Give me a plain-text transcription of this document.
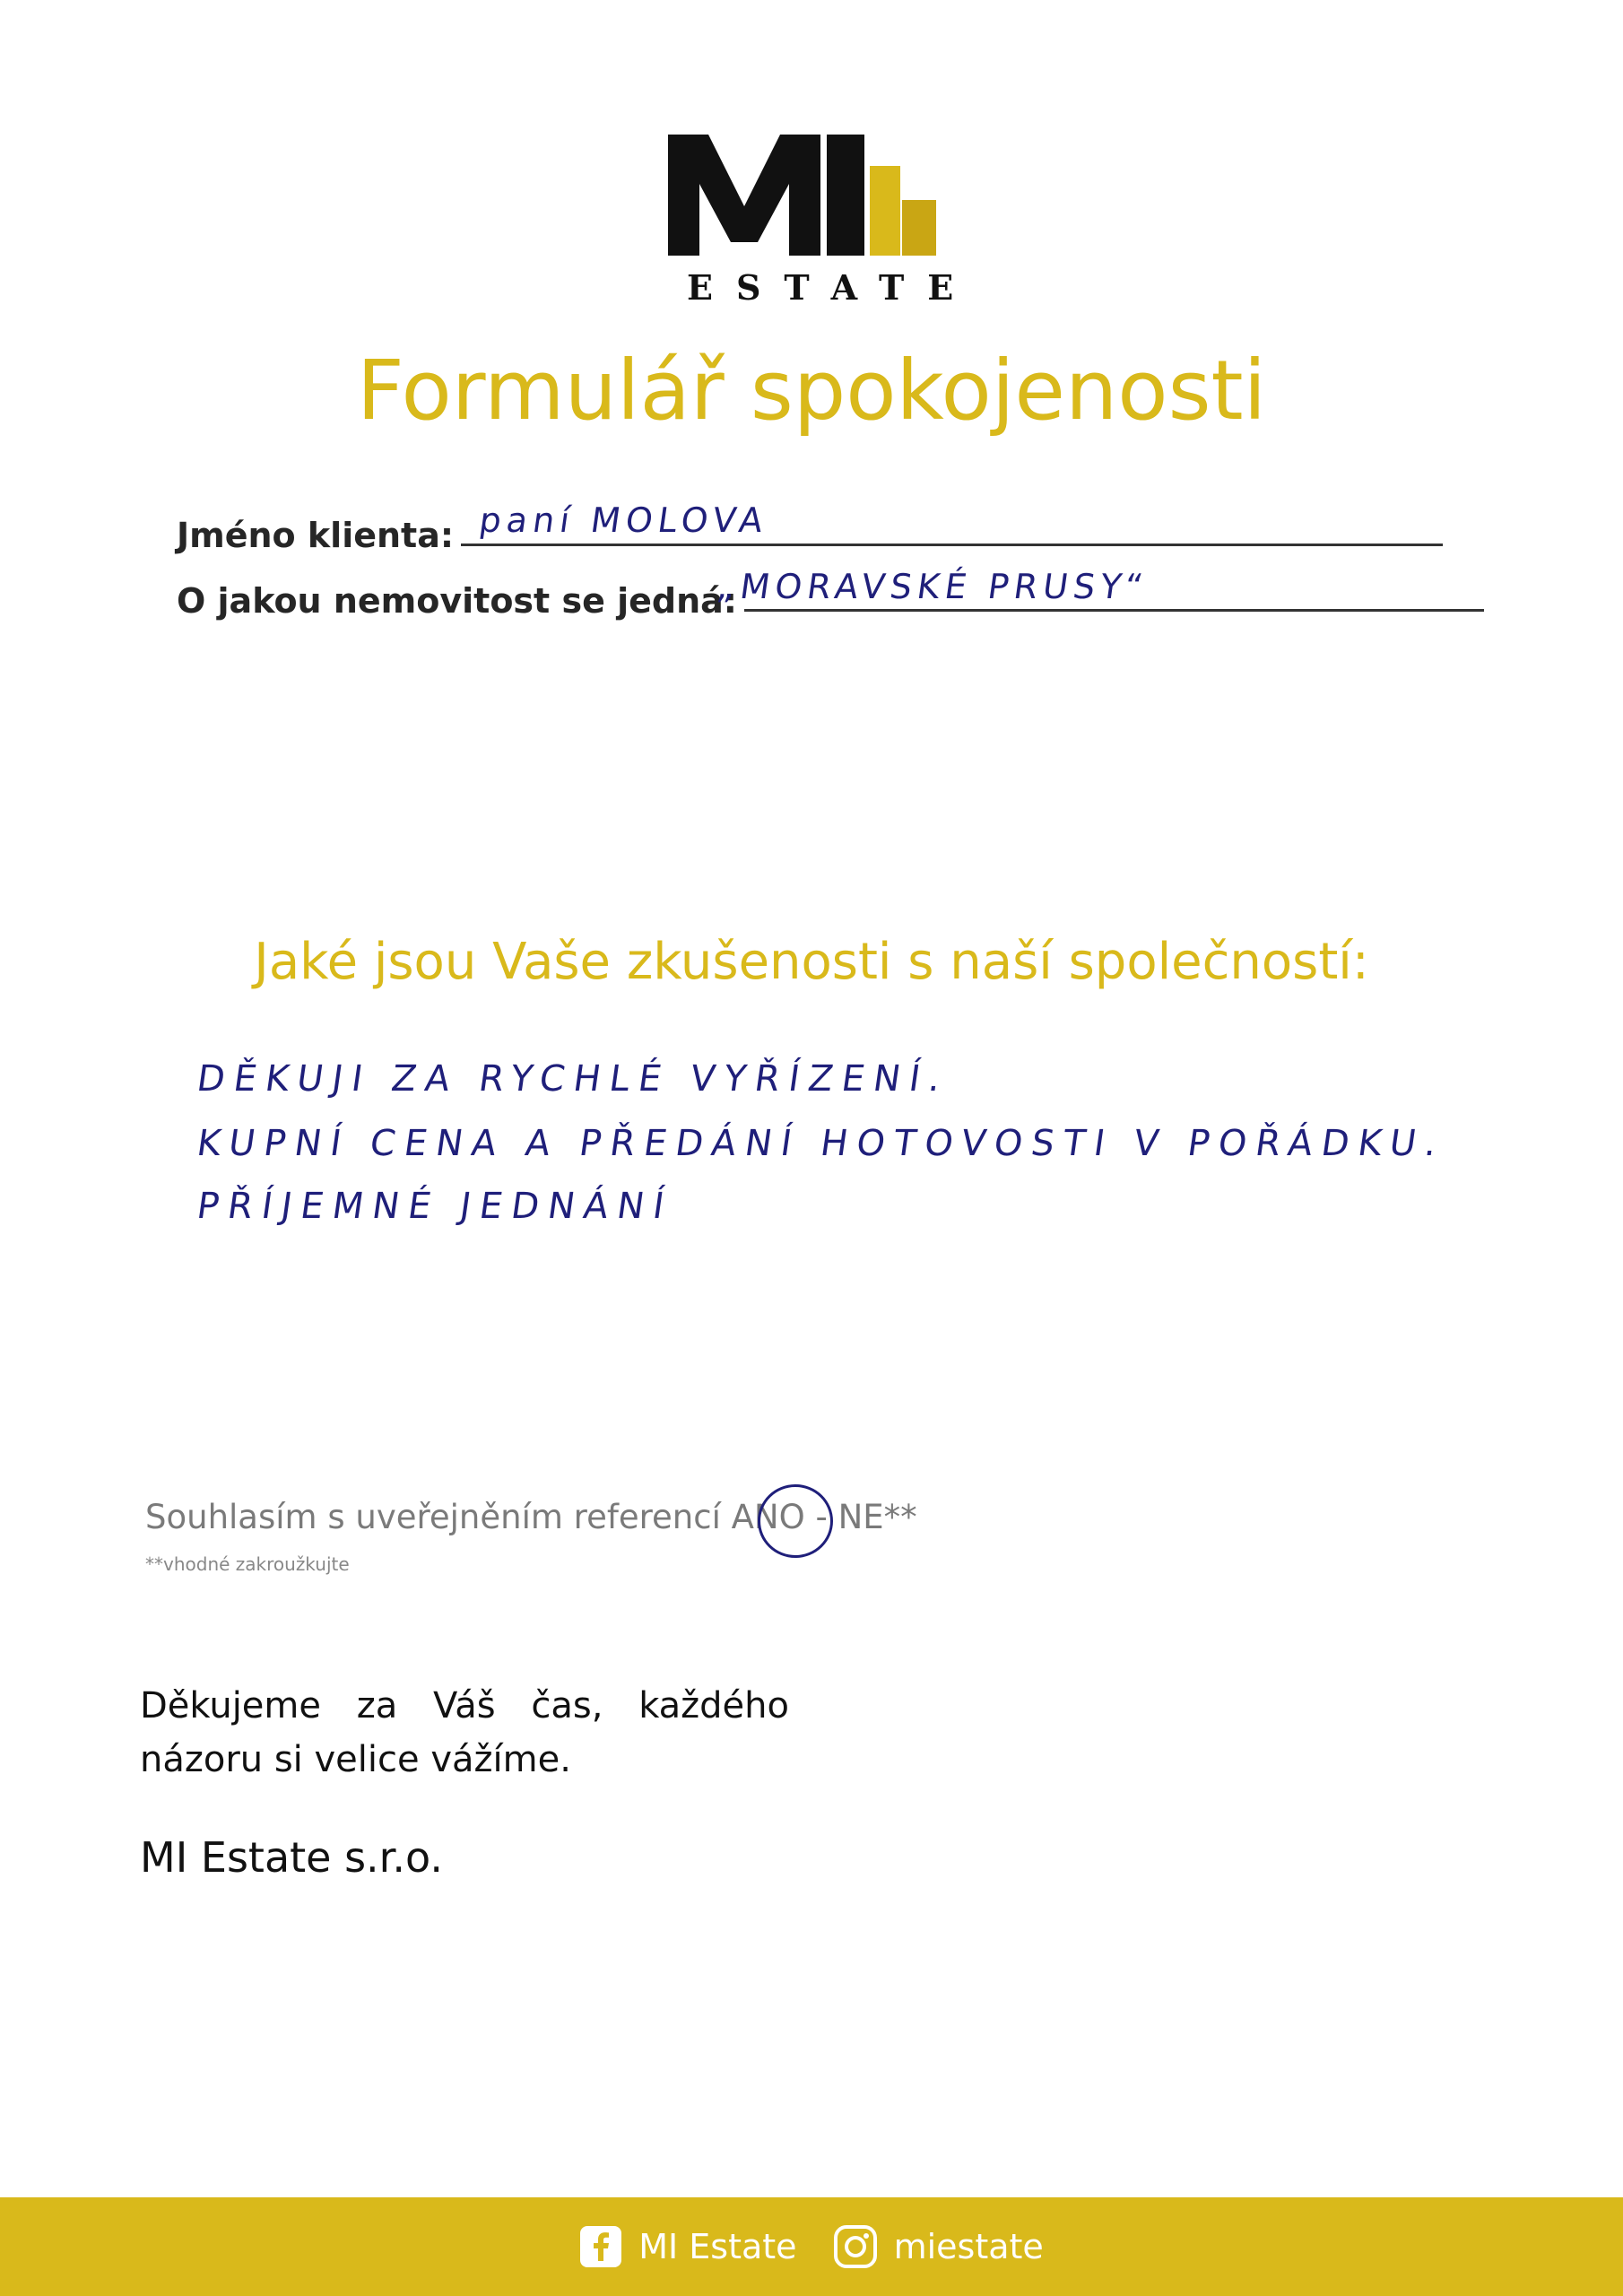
ESTATE
Formulář spokojenosti
Jméno klienta: paní MOLOVA
O jakou nemovitost se jedná:
„MORAVSKÉ PRUSY“
Jaké jsou Vaše zkušenosti s naší společností:
DĚKUJI ZA RYCHLÉ VYŘÍZENÍ.
KUPNÍ CENA A PŘEDÁNÍ HOTOVOSTI V POŘÁDKU.
PŘÍJEMNÉ JEDNÁNÍ
Souhlasím s uveřejněním referencí ANO - NE**
**vhodné zakroužkujte
Děkujeme za Váš čas, každého názoru si velice vážíme.
MI Estate s.r.o.
MI Estate	miestate
